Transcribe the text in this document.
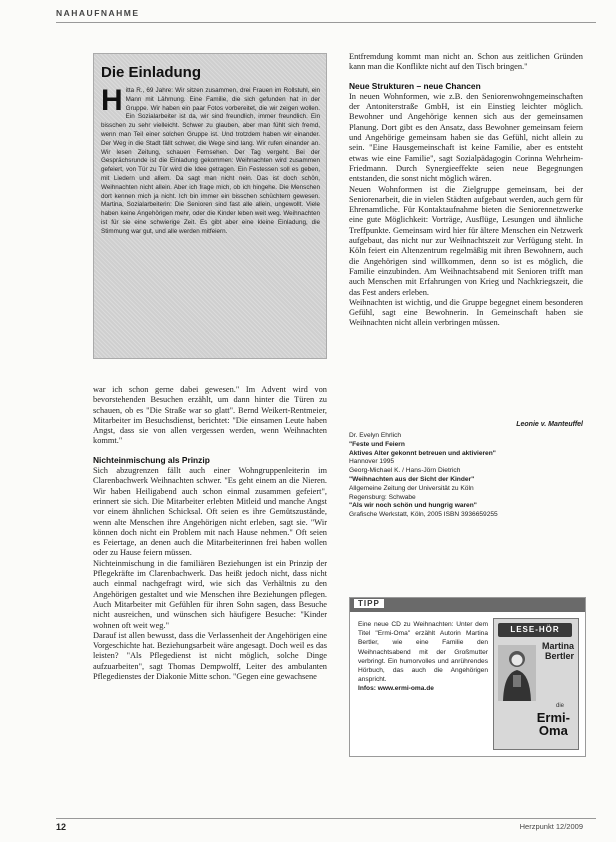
NAHAUFNAHME
Die Einladung

Hitta R., 69 Jahre: Wir sitzen zusammen, drei Frauen im Rollstuhl, ein Mann mit Lähmung. Eine Familie, die sich gefunden hat in der Gruppe. Wir haben ein paar Fotos vorbereitet, die wir zeigen wollen. Ein Sozialarbeiter ist da, wir sind freundlich, immer freundlich. Ein bisschen zu sehr vielleicht. Schwer zu glauben, aber man fühlt sich fremd, wenn man Teil einer solchen Gruppe ist. Und trotzdem haben wir einander. Der Weg in die Stadt fällt schwer, die Wege sind lang. Wir rufen einander an. Wir lesen Zeitung, schauen Fernsehen. Der Tag vergeht. Bei der Gesprächsrunde ist die Einladung gekommen: Weihnachten wird zusammen gefeiert, von Tür zu Tür wird die Idee getragen. Ein Festessen soll es geben, mit Liedern und allem. Da sagt man nicht nein. Das ist doch schön, Weihnachten nicht allein. Aber ich frage mich, ob ich hingehe. Die Menschen dort kennen mich ja nicht. Ich bin immer ein bisschen schüchtern gewesen. Martina, Sozialarbeiterin: Die Senioren sind fast alle allein, ungewollt. Viele haben keine Angehörigen mehr, oder die Kinder leben weit weg. Weihnachten ist für sie eine schwierige Zeit. Es gibt aber eine kleine Einladung, die Stimmung war gut, und alle werden mitfeiern.

war ich schon gerne dabei gewesen." Im Advent wird von bevorstehenden Besuchen erzählt, um dann hinter die Türen zu schauen, ob es "Die Straße war so glatt". Bernd Weikert-Rentmeier, Mitarbeiter im Besuchsdienst, berichtet: "Die einsamen Leute haben Angst, dass sie von allen vergessen werden, wenn Weihnachten kommt."

Nichteinmischung als Prinzip

Sich abzugrenzen fällt auch einer Wohngruppenleiterin im Clarenbachwerk Weihnachten schwer. "Es geht einem an die Nieren. Wir haben Heiligabend auch schon einmal zusammen gefeiert", erinnert sie sich. Die Mitarbeiter erlebten Mitleid und manche Angst vor einem ähnlichen Schicksal. Oft seien es ihre Gemütszustände, wenn alte Menschen ihre Angehörigen nicht erleben, sagt sie. "Wir können doch nicht ein Problem mit nach Hause nehmen." Oft seien es Feiertage, an denen auch die Mitarbeiterinnen frei haben wollen oder zu Hause feiern müssen.

Nichteinmischung in die familiären Beziehungen ist ein Prinzip der Pflegekräfte im Clarenbachwerk. Das heißt jedoch nicht, dass nicht auch einmal nachgefragt wird, wie sich das Verhältnis zu den Angehörigen gestaltet und wie Menschen ihre Beziehungen pflegen. Auch Mitarbeiter mit Gefühlen für ihren Sohn sagen, dass Besuche nicht ausreichen, und wünschen sich häufigere Besuche: "Kinder wohnen oft weit weg."

Darauf ist allen bewusst, dass die Verlassenheit der Angehörigen eine Vorgeschichte hat. Beziehungsarbeit wäre angesagt. Doch weil es das leisten? "Als Pflegedienst ist nicht möglich, solche Dinge aufzuarbeiten", sagt Thomas Dempwolff, Leiter des ambulanten Pflegedienstes der Diakonie Mitte schon. "Gegen eine gewachsene

Entfremdung kommt man nicht an. Schon aus zeitlichen Gründen kann man die Konflikte nicht auf den Tisch bringen."

Neue Strukturen – neue Chancen

In neuen Wohnformen, wie z.B. den Seniorenwohngemeinschaften der Antoniterstraße GmbH, ist ein Einstieg leichter möglich. Bewohner und Angehörige kennen sich aus der gemeinsamen Planung. Dort gibt es den Ansatz, dass Bewohner gemeinsam feiern und Angehörige gemeinsam haben sie das Gefühl, nicht allein zu sein. "Eine Hausgemeinschaft ist keine Familie, aber es entsteht etwas wie eine Familie", sagt Sozialpädagogin Corinna Wehrheim-Friedmann. Durch Synergieeffekte seien neue Begegnungen entstanden, die sonst nicht möglich wären.

Neuen Wohnformen ist die Zielgruppe gemeinsam, bei der Seniorenarbeit, die in vielen Städten aufgebaut werden, auch gern für Ehrenamtliche. Für Kontaktaufnahme bieten die Seniorennetzwerke eine gute Möglichkeit: Vorträge, Ausflüge, Lesungen und ähnliche Treffpunkte. Gemeinsam wird hier für ältere Menschen ein Netzwerk aufgebaut, das nicht nur zur Weihnachtszeit zur Verfügung steht. In Köln feiert ein Altenzentrum regelmäßig mit ihren Bewohnern, auch die Angehörigen sind willkommen, denn so ist es möglich, die Familie einzubinden. Am Weihnachtsabend mit Senioren trifft man auch Menschen mit Erfahrungen von Krieg und Nachkriegszeit, die das Fest anders erleben.

Weihnachten ist wichtig, und die Gruppe begegnet einem besonderen Gefühl, sagt eine Bewohnerin. In Gemeinschaft haben sie Weihnachten nicht allein verbringen müssen.

Leonie v. Manteuffel
Dr. Evelyn Ehrlich
"Feste und Feiern
Aktives Alter gekonnt betreuen und aktivieren"
Hannover 1995
Georg-Michael K. / Hans-Jörn Dietrich
"Weihnachten aus der Sicht der Kinder"
Allgemeine Zeitung der Universität zu Köln
Regensburg: Schwabe
"Als wir noch schön und hungrig waren"
Grafische Werkstatt, Köln, 2005 ISBN 3936659255
TIPP
Eine neue CD zu Weihnachten: Unter dem Titel "Ermi-Oma" erzählt Autorin Martina Bertler, wie eine Familie den Weihnachtsabend mit der Großmutter verbringt. Ein humorvolles und anrührendes Hörbuch, das auch die Angehörigen anspricht.
Infos: www.ermi-oma.de
LESE-HÖR
Martina
Bertler
die
Ermi-
Oma
12	Herzpunkt 12/2009
